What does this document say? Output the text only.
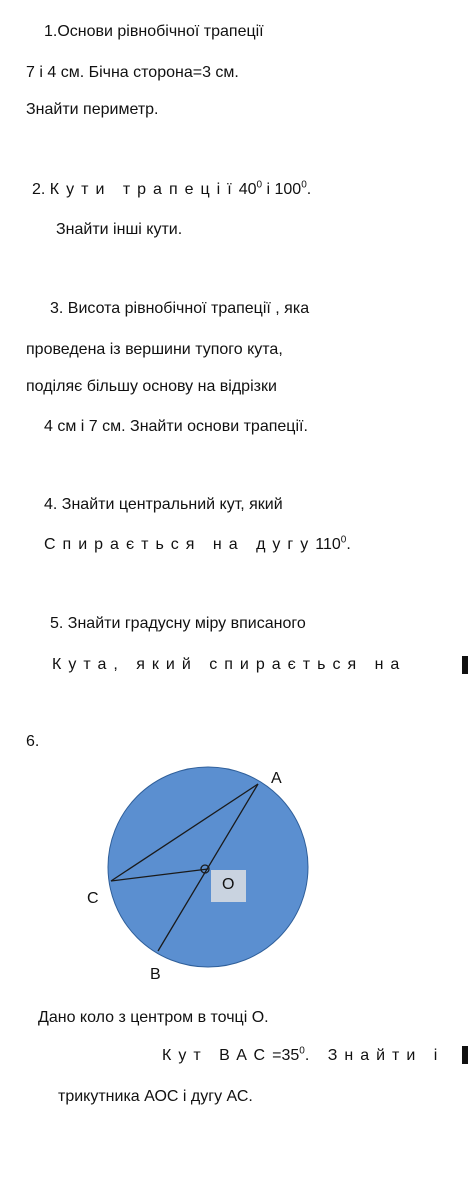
1.Основи рівнобічної трапеції
7 і 4 см. Бічна сторона=3 см.
Знайти периметр.
2. Кути $трапеції40^0$ і $100^0$.
Знайти інші кути.
3. Висота рівнобічної трапеції , яка
проведена із вершини тупого кута,
поділяє більшу основу на відрізки
4 см і 7 см. Знайти основи трапеції.
4. Знайти центральний кут, який
Спирається на $дугу110^0$.
5. Знайти градусну міру вписаного
Кута, який спирається на
6.
A
C
B
O
Дано коло з центром в точці О.
Кут $ВАС=35^0$. Знайти і
трикутника АОС і дугу АС.
